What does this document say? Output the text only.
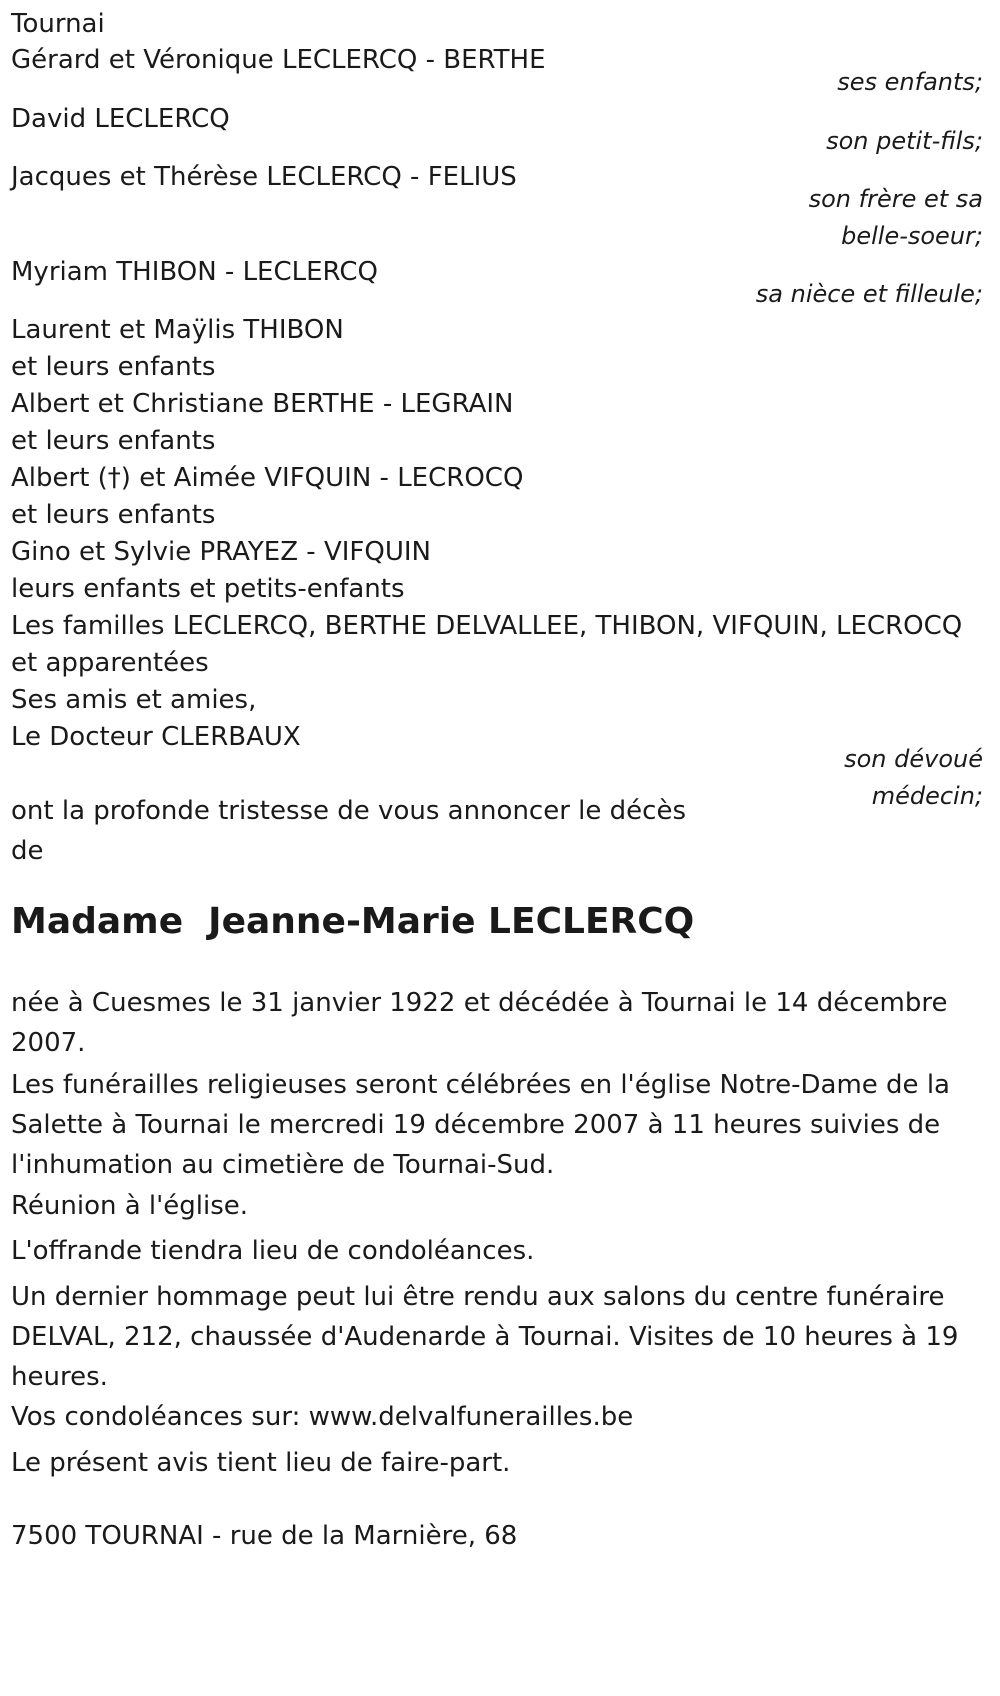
Tournai
Gérard et Véronique LECLERCQ - BERTHE
ses enfants;
David LECLERCQ
son petit-fils;
Jacques et Thérèse LECLERCQ - FELIUS
son frère et sa
belle-soeur;
Myriam THIBON - LECLERCQ
sa nièce et filleule;
Laurent et Maÿlis THIBON
et leurs enfants
Albert et Christiane BERTHE - LEGRAIN
et leurs enfants
Albert (†) et Aimée VIFQUIN - LECROCQ
et leurs enfants
Gino et Sylvie PRAYEZ - VIFQUIN
leurs enfants et petits-enfants
Les familles LECLERCQ, BERTHE DELVALLEE, THIBON, VIFQUIN, LECROCQ
et apparentées
Ses amis et amies,
Le Docteur CLERBAUX
son dévoué
médecin;
ont la profonde tristesse de vous annoncer le décès de
Madame  Jeanne-Marie LECLERCQ
née à Cuesmes le 31 janvier 1922 et décédée à Tournai le 14 décembre 2007.
Les funérailles religieuses seront célébrées en l'église Notre-Dame de la Salette à Tournai le mercredi 19 décembre 2007 à 11 heures suivies de l'inhumation au cimetière de Tournai-Sud.
Réunion à l'église.
L'offrande tiendra lieu de condoléances.
Un dernier hommage peut lui être rendu aux salons du centre funéraire DELVAL, 212, chaussée d'Audenarde à Tournai. Visites de 10 heures à 19 heures.
Vos condoléances sur: www.delvalfunerailles.be
Le présent avis tient lieu de faire-part.
7500 TOURNAI - rue de la Marnière, 68
